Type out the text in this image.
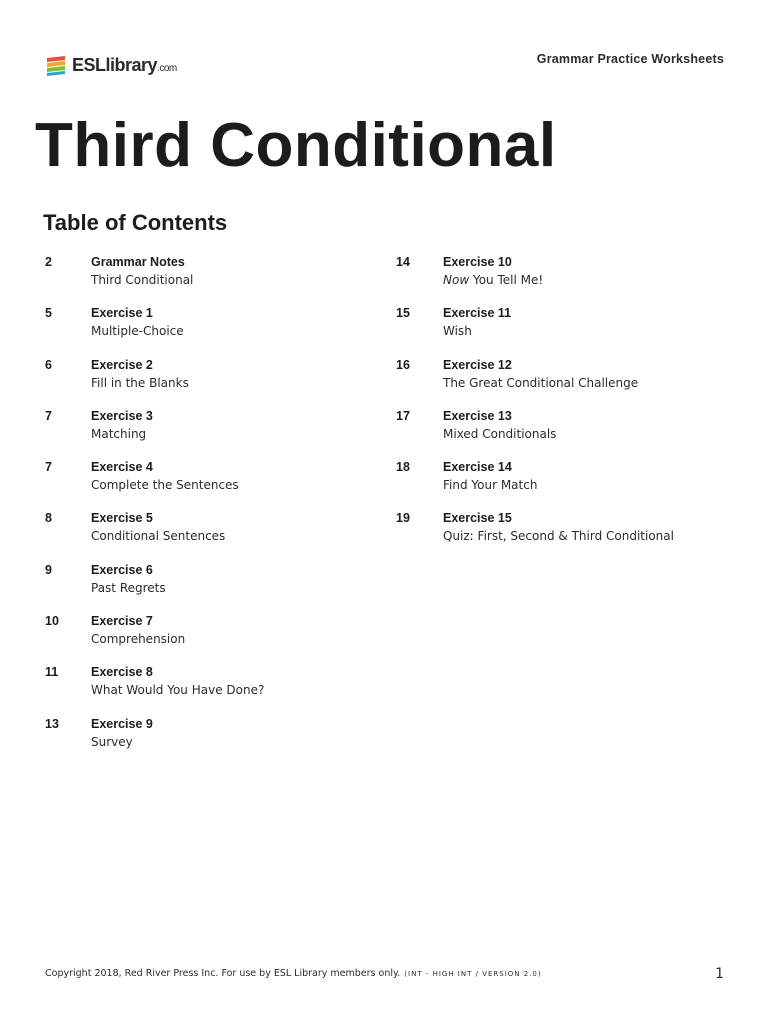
ESLlibrary.com
Grammar Practice Worksheets
Third Conditional
Table of Contents
2	Grammar Notes
Third Conditional
5	Exercise 1
Multiple-Choice
6	Exercise 2
Fill in the Blanks
7	Exercise 3
Matching
7	Exercise 4
Complete the Sentences
8	Exercise 5
Conditional Sentences
9	Exercise 6
Past Regrets
10	Exercise 7
Comprehension
11	Exercise 8
What Would You Have Done?
13	Exercise 9
Survey
14	Exercise 10
Now You Tell Me!
15	Exercise 11
Wish
16	Exercise 12
The Great Conditional Challenge
17	Exercise 13
Mixed Conditionals
18	Exercise 14
Find Your Match
19	Exercise 15
Quiz: First, Second & Third Conditional
Copyright 2018, Red River Press Inc. For use by ESL Library members only. (INT - HIGH INT / VERSION 2.0)	1
